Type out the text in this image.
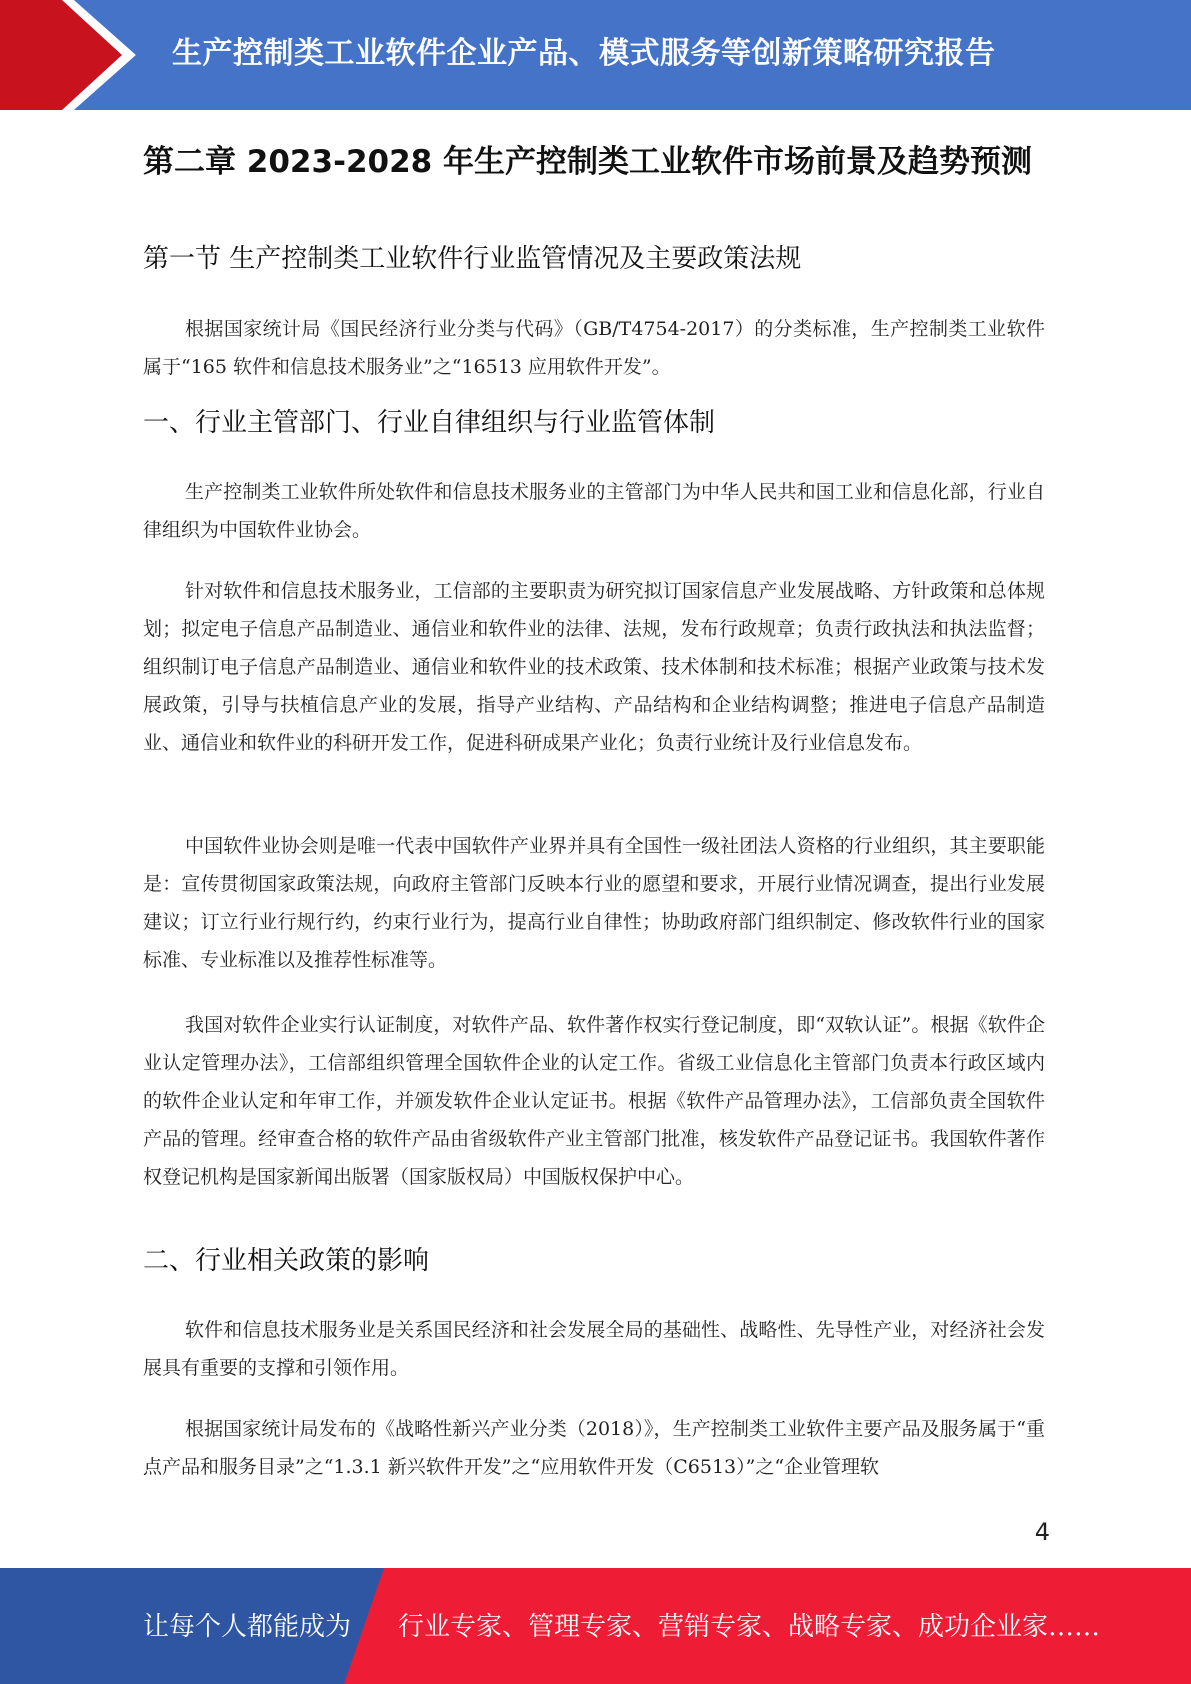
生产控制类工业软件企业产品、模式服务等创新策略研究报告
第二章 2023-2028 年生产控制类工业软件市场前景及趋势预测
第一节 生产控制类工业软件行业监管情况及主要政策法规

根据国家统计局《国民经济行业分类与代码》（GB/T4754-2017）的分类标准，生产控制类工业软件属于“165 软件和信息技术服务业”之“16513 应用软件开发”。

一、行业主管部门、行业自律组织与行业监管体制

生产控制类工业软件所处软件和信息技术服务业的主管部门为中华人民共和国工业和信息化部，行业自律组织为中国软件业协会。

针对软件和信息技术服务业，工信部的主要职责为研究拟订国家信息产业发展战略、方针政策和总体规划；拟定电子信息产品制造业、通信业和软件业的法律、法规，发布行政规章；负责行政执法和执法监督；组织制订电子信息产品制造业、通信业和软件业的技术政策、技术体制和技术标准；根据产业政策与技术发展政策，引导与扶植信息产业的发展，指导产业结构、产品结构和企业结构调整；推进电子信息产品制造业、通信业和软件业的科研开发工作，促进科研成果产业化；负责行业统计及行业信息发布。

中国软件业协会则是唯一代表中国软件产业界并具有全国性一级社团法人资格的行业组织，其主要职能是：宣传贯彻国家政策法规，向政府主管部门反映本行业的愿望和要求，开展行业情况调查，提出行业发展建议；订立行业行规行约，约束行业行为，提高行业自律性；协助政府部门组织制定、修改软件行业的国家标准、专业标准以及推荐性标准等。

我国对软件企业实行认证制度，对软件产品、软件著作权实行登记制度，即“双软认证”。根据《软件企业认定管理办法》，工信部组织管理全国软件企业的认定工作。省级工业信息化主管部门负责本行政区域内的软件企业认定和年审工作，并颁发软件企业认定证书。根据《软件产品管理办法》，工信部负责全国软件产品的管理。经审查合格的软件产品由省级软件产业主管部门批准，核发软件产品登记证书。我国软件著作权登记机构是国家新闻出版署（国家版权局）中国版权保护中心。

二、行业相关政策的影响

软件和信息技术服务业是关系国民经济和社会发展全局的基础性、战略性、先导性产业，对经济社会发展具有重要的支撑和引领作用。

根据国家统计局发布的《战略性新兴产业分类（2018）》，生产控制类工业软件主要产品及服务属于“重点产品和服务目录”之“1.3.1 新兴软件开发”之“应用软件开发（C6513）”之“企业管理软

4
让每个人都能成为 行业专家、管理专家、营销专家、战略专家、成功企业家……
